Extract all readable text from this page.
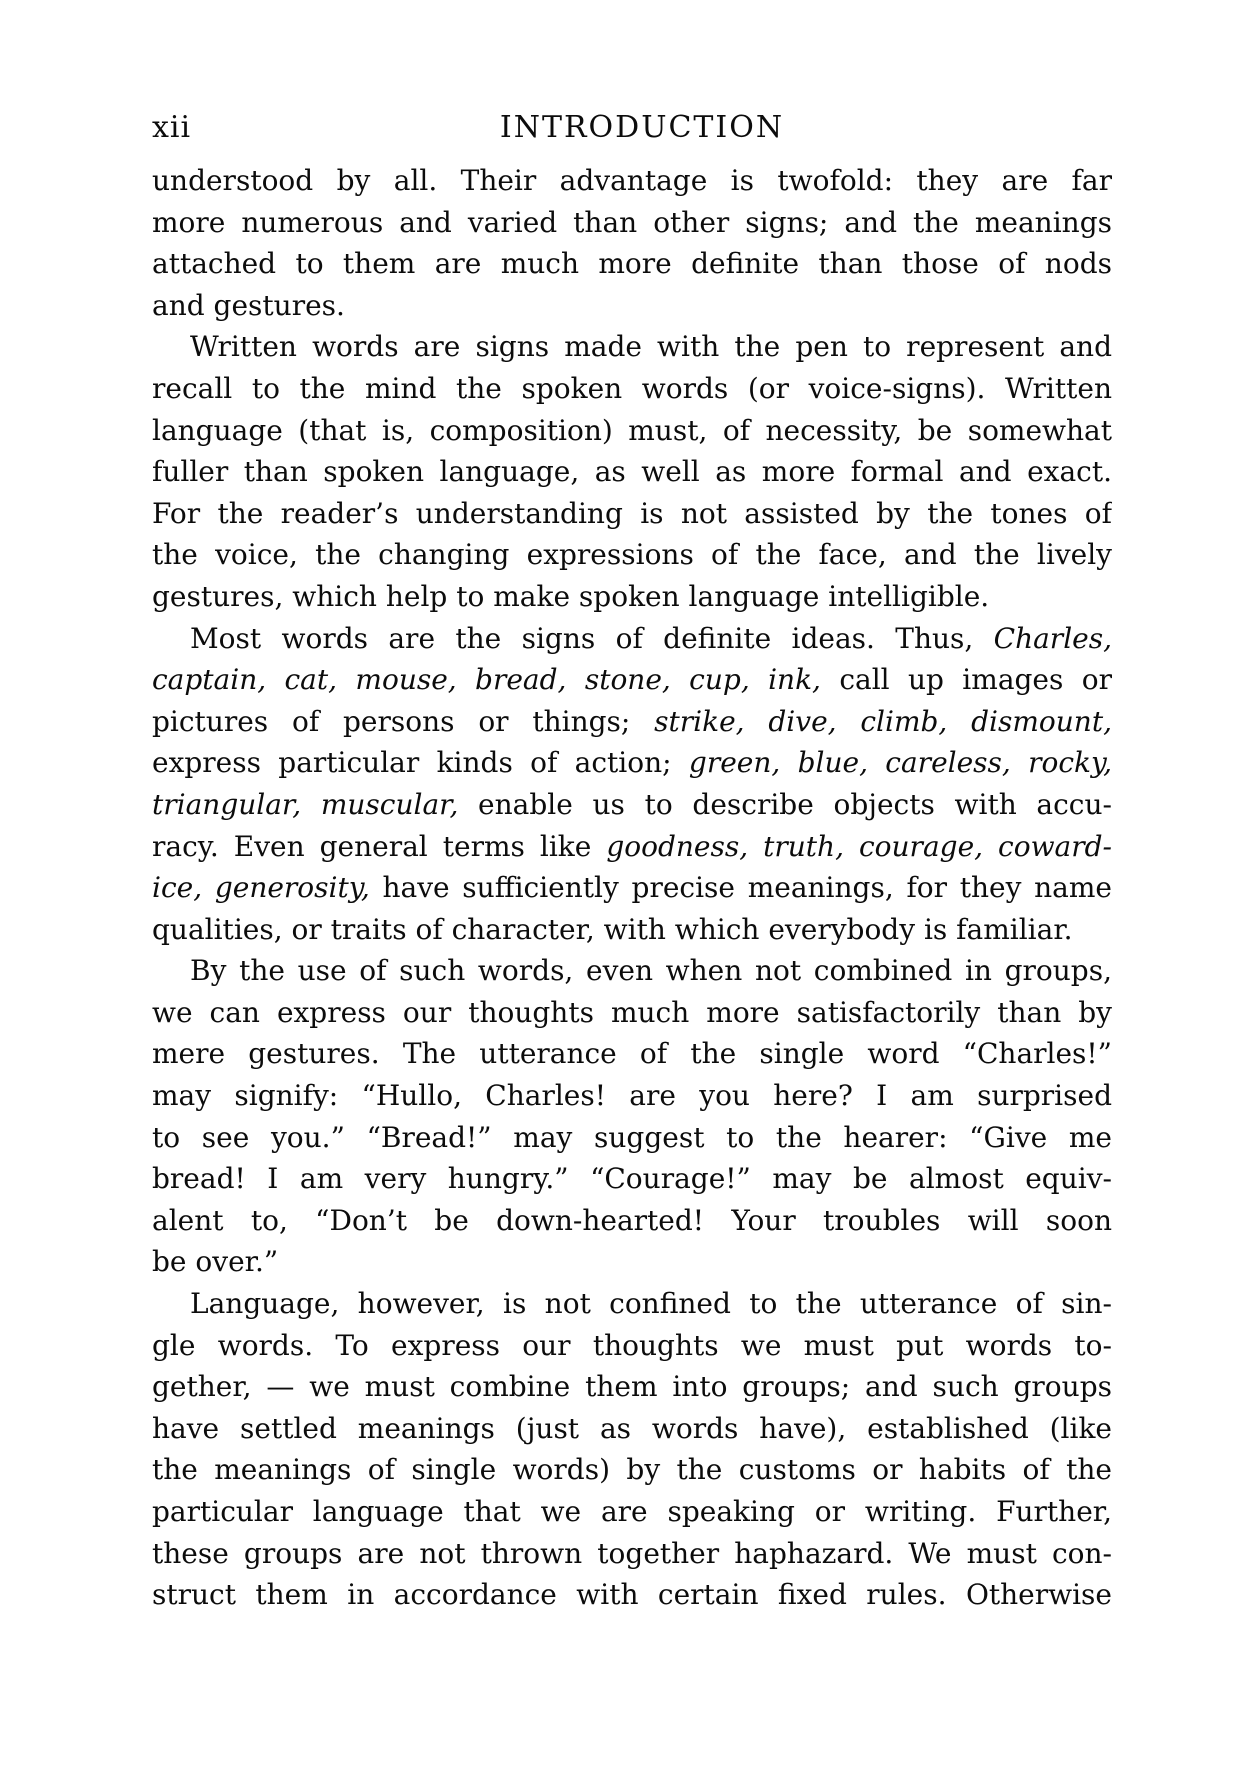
xii	INTRODUCTION

understood by all. Their advantage is twofold: they are far
more numerous and varied than other signs; and the meanings
attached to them are much more definite than those of nods
and gestures.

Written words are signs made with the pen to represent and
recall to the mind the spoken words (or voice-signs). Written
language (that is, composition) must, of necessity, be somewhat
fuller than spoken language, as well as more formal and exact.
For the reader’s understanding is not assisted by the tones of
the voice, the changing expressions of the face, and the lively
gestures, which help to make spoken language intelligible.

Most words are the signs of definite ideas. Thus, Charles,
captain, cat, mouse, bread, stone, cup, ink, call up images or
pictures of persons or things; strike, dive, climb, dismount,
express particular kinds of action; green, blue, careless, rocky,
triangular, muscular, enable us to describe objects with accu-
racy. Even general terms like goodness, truth, courage, coward-
ice, generosity, have sufficiently precise meanings, for they name
qualities, or traits of character, with which everybody is familiar.

By the use of such words, even when not combined in groups,
we can express our thoughts much more satisfactorily than by
mere gestures. The utterance of the single word “Charles!”
may signify: “Hullo, Charles! are you here? I am surprised
to see you.” “Bread!” may suggest to the hearer: “Give me
bread! I am very hungry.” “Courage!” may be almost equiv-
alent to, “Don’t be down-hearted! Your troubles will soon
be over.”

Language, however, is not confined to the utterance of sin-
gle words. To express our thoughts we must put words to-
gether, — we must combine them into groups; and such groups
have settled meanings (just as words have), established (like
the meanings of single words) by the customs or habits of the
particular language that we are speaking or writing. Further,
these groups are not thrown together haphazard. We must con-
struct them in accordance with certain fixed rules. Otherwise
